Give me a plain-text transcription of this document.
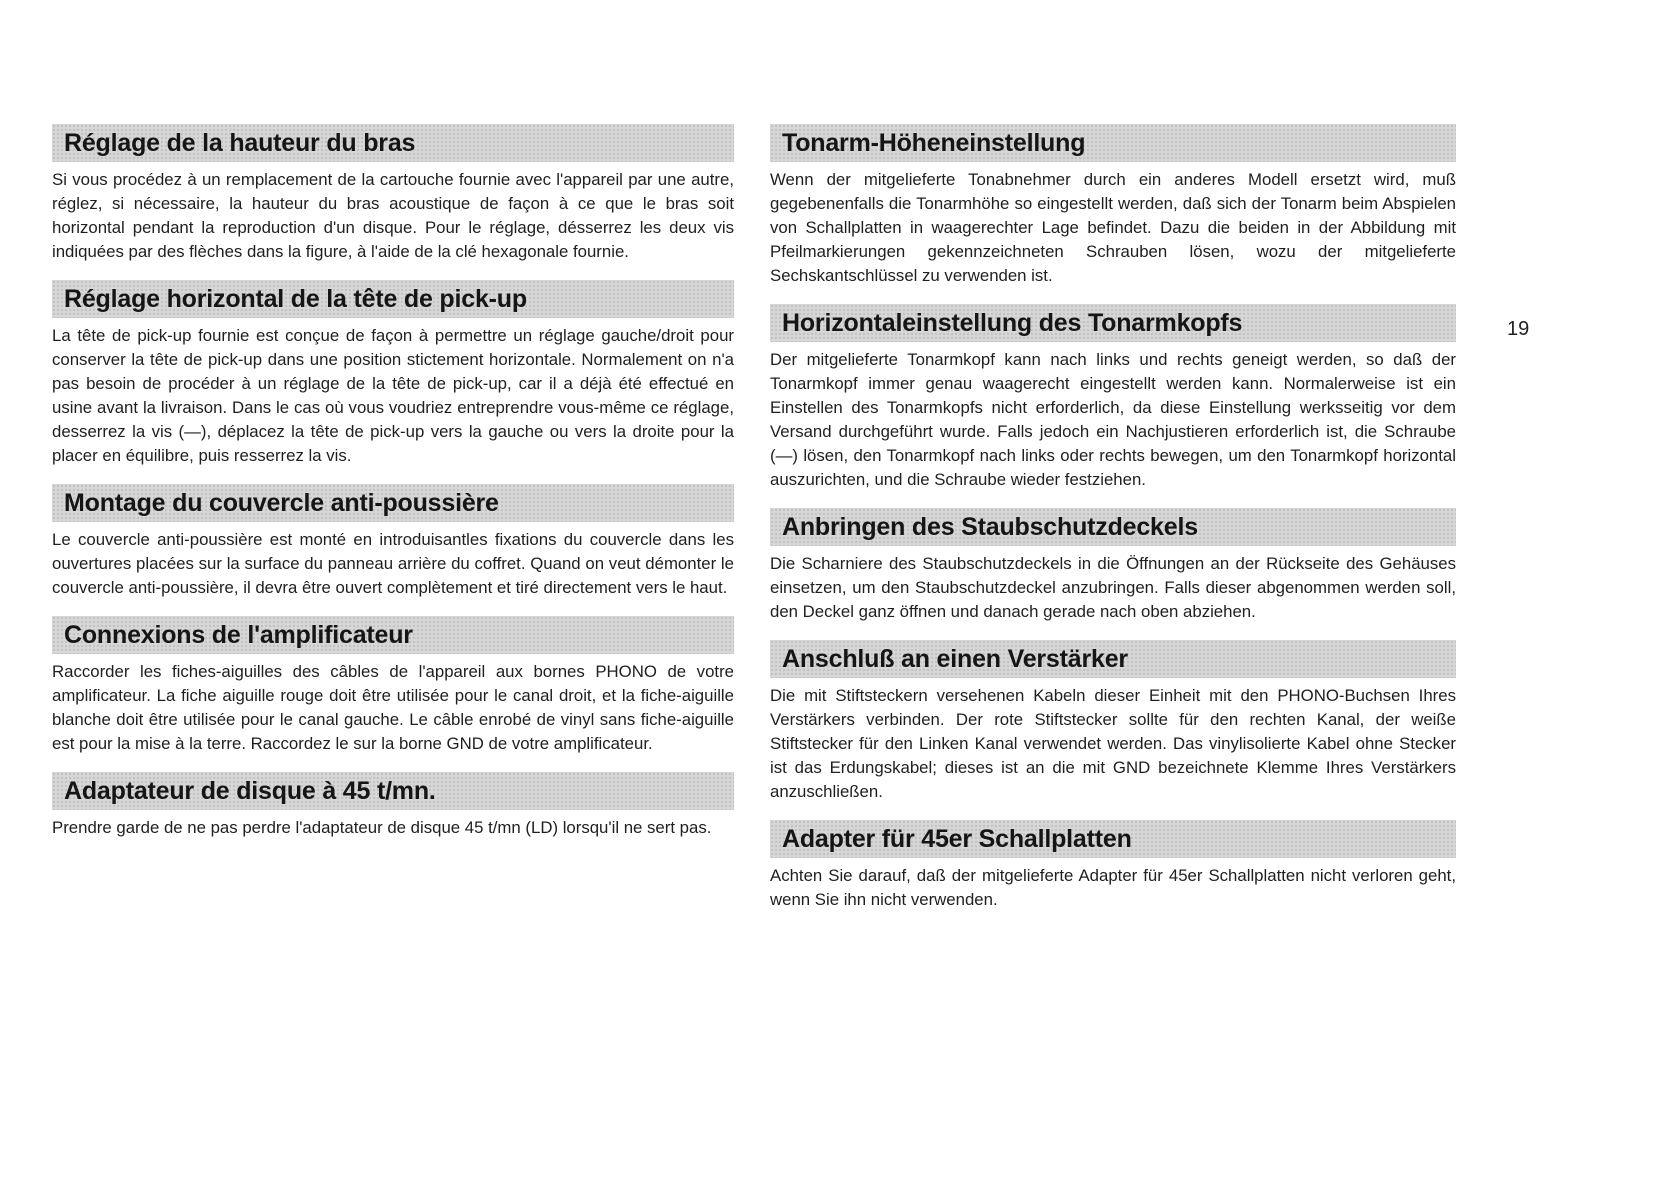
Réglage de la hauteur du bras

Si vous procédez à un remplacement de la cartouche fournie avec l'appareil par une autre, réglez, si nécessaire, la hauteur du bras acoustique de façon à ce que le bras soit horizontal pendant la reproduction d'un disque. Pour le réglage, désserrez les deux vis indiquées par des flèches dans la figure, à l'aide de la clé hexagonale fournie.

Réglage horizontal de la tête de pick-up

La tête de pick-up fournie est conçue de façon à permettre un réglage gauche/droit pour conserver la tête de pick-up dans une position stictement horizontale. Normalement on n'a pas besoin de procéder à un réglage de la tête de pick-up, car il a déjà été effectué en usine avant la livraison. Dans le cas où vous voudriez entreprendre vous-même ce réglage, desserrez la vis (—), déplacez la tête de pick-up vers la gauche ou vers la droite pour la placer en équilibre, puis resserrez la vis.

Montage du couvercle anti-poussière

Le couvercle anti-poussière est monté en introduisantles fixations du couvercle dans les ouvertures placées sur la surface du panneau arrière du coffret. Quand on veut démonter le couvercle anti-poussière, il devra être ouvert complètement et tiré directement vers le haut.

Connexions de l'amplificateur

Raccorder les fiches-aiguilles des câbles de l'appareil aux bornes PHONO de votre amplificateur. La fiche aiguille rouge doit être utilisée pour le canal droit, et la fiche-aiguille blanche doit être utilisée pour le canal gauche. Le câble enrobé de vinyl sans fiche-aiguille est pour la mise à la terre. Raccordez le sur la borne GND de votre amplificateur.

Adaptateur de disque à 45 t/mn.

Prendre garde de ne pas perdre l'adaptateur de disque 45 t/mn (LD) lorsqu'il ne sert pas.

Tonarm-Höheneinstellung

Wenn der mitgelieferte Tonabnehmer durch ein anderes Modell ersetzt wird, muß gegebenenfalls die Tonarmhöhe so eingestellt werden, daß sich der Tonarm beim Abspielen von Schallplatten in waagerechter Lage befindet. Dazu die beiden in der Abbildung mit Pfeilmarkierungen gekennzeichneten Schrauben lösen, wozu der mitgelieferte Sechskantschlüssel zu verwenden ist.

Horizontaleinstellung des Tonarmkopfs

Der mitgelieferte Tonarmkopf kann nach links und rechts geneigt werden, so daß der Tonarmkopf immer genau waagerecht eingestellt werden kann. Normalerweise ist ein Einstellen des Tonarmkopfs nicht erforderlich, da diese Einstellung werksseitig vor dem Versand durchgeführt wurde. Falls jedoch ein Nachjustieren erforderlich ist, die Schraube (—) lösen, den Tonarmkopf nach links oder rechts bewegen, um den Tonarmkopf horizontal auszurichten, und die Schraube wieder festziehen.

Anbringen des Staubschutzdeckels

Die Scharniere des Staubschutzdeckels in die Öffnungen an der Rückseite des Gehäuses einsetzen, um den Staubschutzdeckel anzubringen. Falls dieser abgenommen werden soll, den Deckel ganz öffnen und danach gerade nach oben abziehen.

Anschluß an einen Verstärker

Die mit Stiftsteckern versehenen Kabeln dieser Einheit mit den PHONO-Buchsen Ihres Verstärkers verbinden. Der rote Stiftstecker sollte für den rechten Kanal, der weiße Stiftstecker für den Linken Kanal verwendet werden. Das vinylisolierte Kabel ohne Stecker ist das Erdungskabel; dieses ist an die mit GND bezeichnete Klemme Ihres Verstärkers anzuschließen.

Adapter für 45er Schallplatten

Achten Sie darauf, daß der mitgelieferte Adapter für 45er Schallplatten nicht verloren geht, wenn Sie ihn nicht verwenden.

19
